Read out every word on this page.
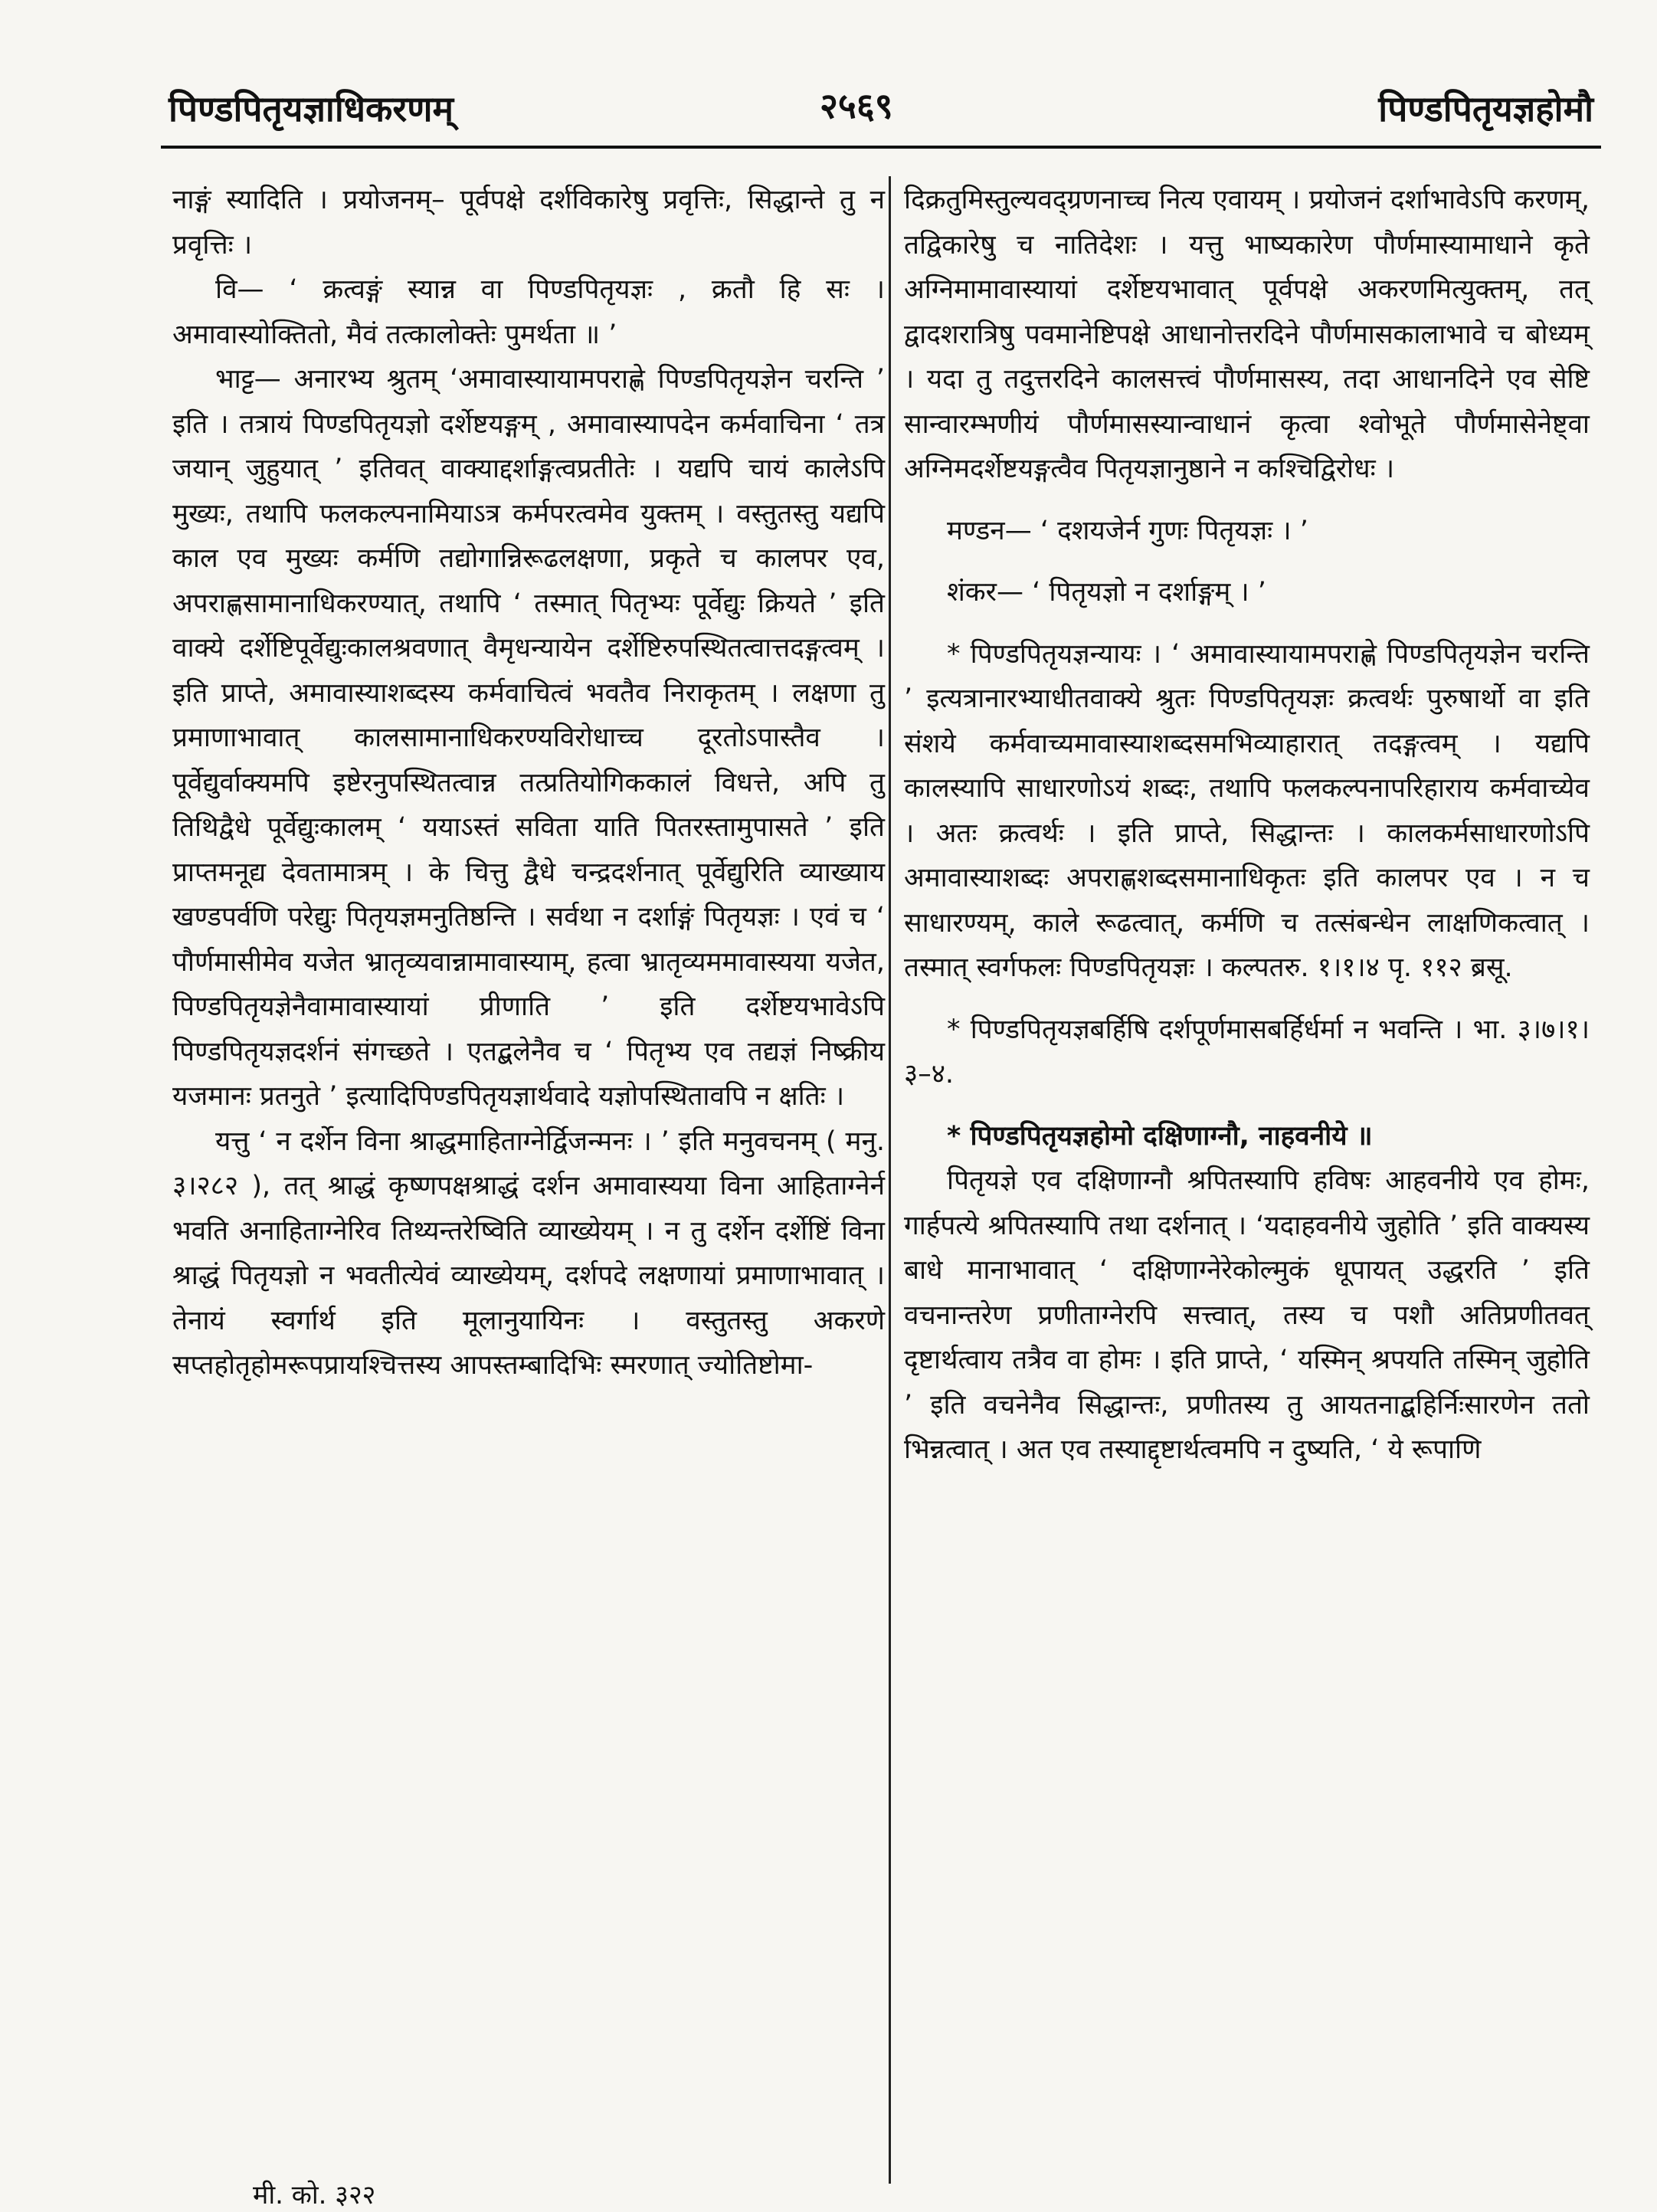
पिण्डपितृयज्ञाधिकरणम्	२५६९	पिण्डपितृयज्ञहोमौ

नाङ्गं स्यादिति । प्रयोजनम्– पूर्वपक्षे दर्शविकारेषु प्रवृत्तिः, सिद्धान्ते तु न प्रवृत्तिः ।

वि— ‘ क्रत्वङ्गं स्यान्न वा पिण्डपितृयज्ञः , क्रतौ हि सः । अमावास्योक्तितो, मैवं तत्कालोक्तेः पुमर्थता ॥ ’

भाट्ट— अनारभ्य श्रुतम् ‘अमावास्यायामपराह्णे पिण्डपितृयज्ञेन चरन्ति ’ इति । तत्रायं पिण्डपितृयज्ञो दर्शेष्टयङ्गम् , अमावास्यापदेन कर्मवाचिना ‘ तत्र जयान् जुहुयात् ’ इतिवत् वाक्याद्दर्शाङ्गत्वप्रतीतेः । यद्यपि चायं कालेऽपि मुख्यः, तथापि फलकल्पनामियाऽत्र कर्मपरत्वमेव युक्तम् । वस्तुतस्तु यद्यपि काल एव मुख्यः कर्मणि तद्योगान्निरूढलक्षणा, प्रकृते च कालपर एव, अपराह्णसामानाधिकरण्यात्, तथापि ‘ तस्मात् पितृभ्यः पूर्वेद्युः क्रियते ’ इति वाक्ये दर्शेष्टिपूर्वेद्युःकालश्रवणात् वैमृधन्यायेन दर्शेष्टिरुपस्थितत्वात्तदङ्गत्वम् । इति प्राप्ते, अमावास्याशब्दस्य कर्मवाचित्वं भवतैव निराकृतम् । लक्षणा तु प्रमाणाभावात् कालसामानाधिकरण्यविरोधाच्च दूरतोऽपास्तैव । पूर्वेद्युर्वाक्यमपि इष्टेरनुपस्थितत्वान्न तत्प्रतियोगिककालं विधत्ते, अपि तु तिथिद्वैधे पूर्वेद्युःकालम् ‘ ययाऽस्तं सविता याति पितरस्तामुपासते ’ इति प्राप्तमनूद्य देवतामात्रम् । के चित्तु द्वैधे चन्द्रदर्शनात् पूर्वेद्युरिति व्याख्याय खण्डपर्वणि परेद्युः पितृयज्ञमनुतिष्ठन्ति । सर्वथा न दर्शाङ्गं पितृयज्ञः । एवं च ‘ पौर्णमासीमेव यजेत भ्रातृव्यवान्नामावास्याम्, हत्वा भ्रातृव्यममावास्यया यजेत, पिण्डपितृयज्ञेनैवामावास्यायां प्रीणाति ’ इति दर्शेष्टयभावेऽपि पिण्डपितृयज्ञदर्शनं संगच्छते । एतद्बलेनैव च ‘ पितृभ्य एव तद्यज्ञं निष्क्रीय यजमानः प्रतनुते ’ इत्यादिपिण्डपितृयज्ञार्थवादे यज्ञोपस्थितावपि न क्षतिः ।

यत्तु ‘ न दर्शेन विना श्राद्धमाहिताग्नेर्द्विजन्मनः । ’ इति मनुवचनम् ( मनु. ३।२८२ ), तत् श्राद्धं कृष्णपक्षश्राद्धं दर्शन अमावास्यया विना आहिताग्नेर्न भवति अनाहिताग्नेरिव तिथ्यन्तरेष्विति व्याख्येयम् । न तु दर्शेन दर्शेष्टिं विना श्राद्धं पितृयज्ञो न भवतीत्येवं व्याख्येयम्, दर्शपदे लक्षणायां प्रमाणाभावात् । तेनायं स्वर्गार्थ इति मूलानुयायिनः । वस्तुतस्तु अकरणे सप्तहोतृहोमरूपप्रायश्चित्तस्य आपस्तम्बादिभिः स्मरणात् ज्योतिष्टोमा-

दिक्रतुमिस्तुल्यवद्ग्रणनाच्च नित्य एवायम् । प्रयोजनं दर्शाभावेऽपि करणम्, तद्विकारेषु च नातिदेशः । यत्तु भाष्यकारेण पौर्णमास्यामाधाने कृते अग्निमामावास्यायां दर्शेष्टयभावात् पूर्वपक्षे अकरणमित्युक्तम्, तत् द्वादशरात्रिषु पवमानेष्टिपक्षे आधानोत्तरदिने पौर्णमासकालाभावे च बोध्यम् । यदा तु तदुत्तरदिने कालसत्त्वं पौर्णमासस्य, तदा आधानदिने एव सेष्टि सान्वारम्भणीयं पौर्णमासस्यान्वाधानं कृत्वा श्वोभूते पौर्णमासेनेष्ट्वा अग्निमदर्शेष्टयङ्गत्वैव पितृयज्ञानुष्ठाने न कश्चिद्विरोधः ।

मण्डन— ‘ दशयजेर्न गुणः पितृयज्ञः । ’

शंकर— ‘ पितृयज्ञो न दर्शाङ्गम् । ’

* पिण्डपितृयज्ञन्यायः । ‘ अमावास्यायामपराह्णे पिण्डपितृयज्ञेन चरन्ति ’ इत्यत्रानारभ्याधीतवाक्ये श्रुतः पिण्डपितृयज्ञः क्रत्वर्थः पुरुषार्थो वा इति संशये कर्मवाच्यमावास्याशब्दसमभिव्याहारात् तदङ्गत्वम् । यद्यपि कालस्यापि साधारणोऽयं शब्दः, तथापि फलकल्पनापरिहाराय कर्मवाच्येव । अतः क्रत्वर्थः । इति प्राप्ते, सिद्धान्तः । कालकर्मसाधारणोऽपि अमावास्याशब्दः अपराह्णशब्दसमानाधिकृतः इति कालपर एव । न च साधारण्यम्, काले रूढत्वात्, कर्मणि च तत्संबन्धेन लाक्षणिकत्वात् । तस्मात् स्वर्गफलः पिण्डपितृयज्ञः । कल्पतरु. १।१।४ पृ. ११२ ब्रसू.

* पिण्डपितृयज्ञबर्हिषि दर्शपूर्णमासबर्हिर्धर्मा न भवन्ति । भा. ३।७।१।३–४.

* पिण्डपितृयज्ञहोमो दक्षिणाग्नौ, नाहवनीये ॥

पितृयज्ञे एव दक्षिणाग्नौ श्रपितस्यापि हविषः आहवनीये एव होमः, गार्हपत्ये श्रपितस्यापि तथा दर्शनात् । ‘यदाहवनीये जुहोति ’ इति वाक्यस्य बाधे मानाभावात् ‘ दक्षिणाग्नेरेकोल्मुकं धूपायत् उद्धरति ’ इति वचनान्तरेण प्रणीताग्नेरपि सत्त्वात्, तस्य च पशौ अतिप्रणीतवत् दृष्टार्थत्वाय तत्रैव वा होमः । इति प्राप्ते, ‘ यस्मिन् श्रपयति तस्मिन् जुहोति ’ इति वचनेनैव सिद्धान्तः, प्रणीतस्य तु आयतनाद्बहिर्निःसारणेन ततो भिन्नत्वात् । अत एव तस्याद्दृष्टार्थत्वमपि न दुष्यति, ‘ ये रूपाणि

मी. को. ३२२
